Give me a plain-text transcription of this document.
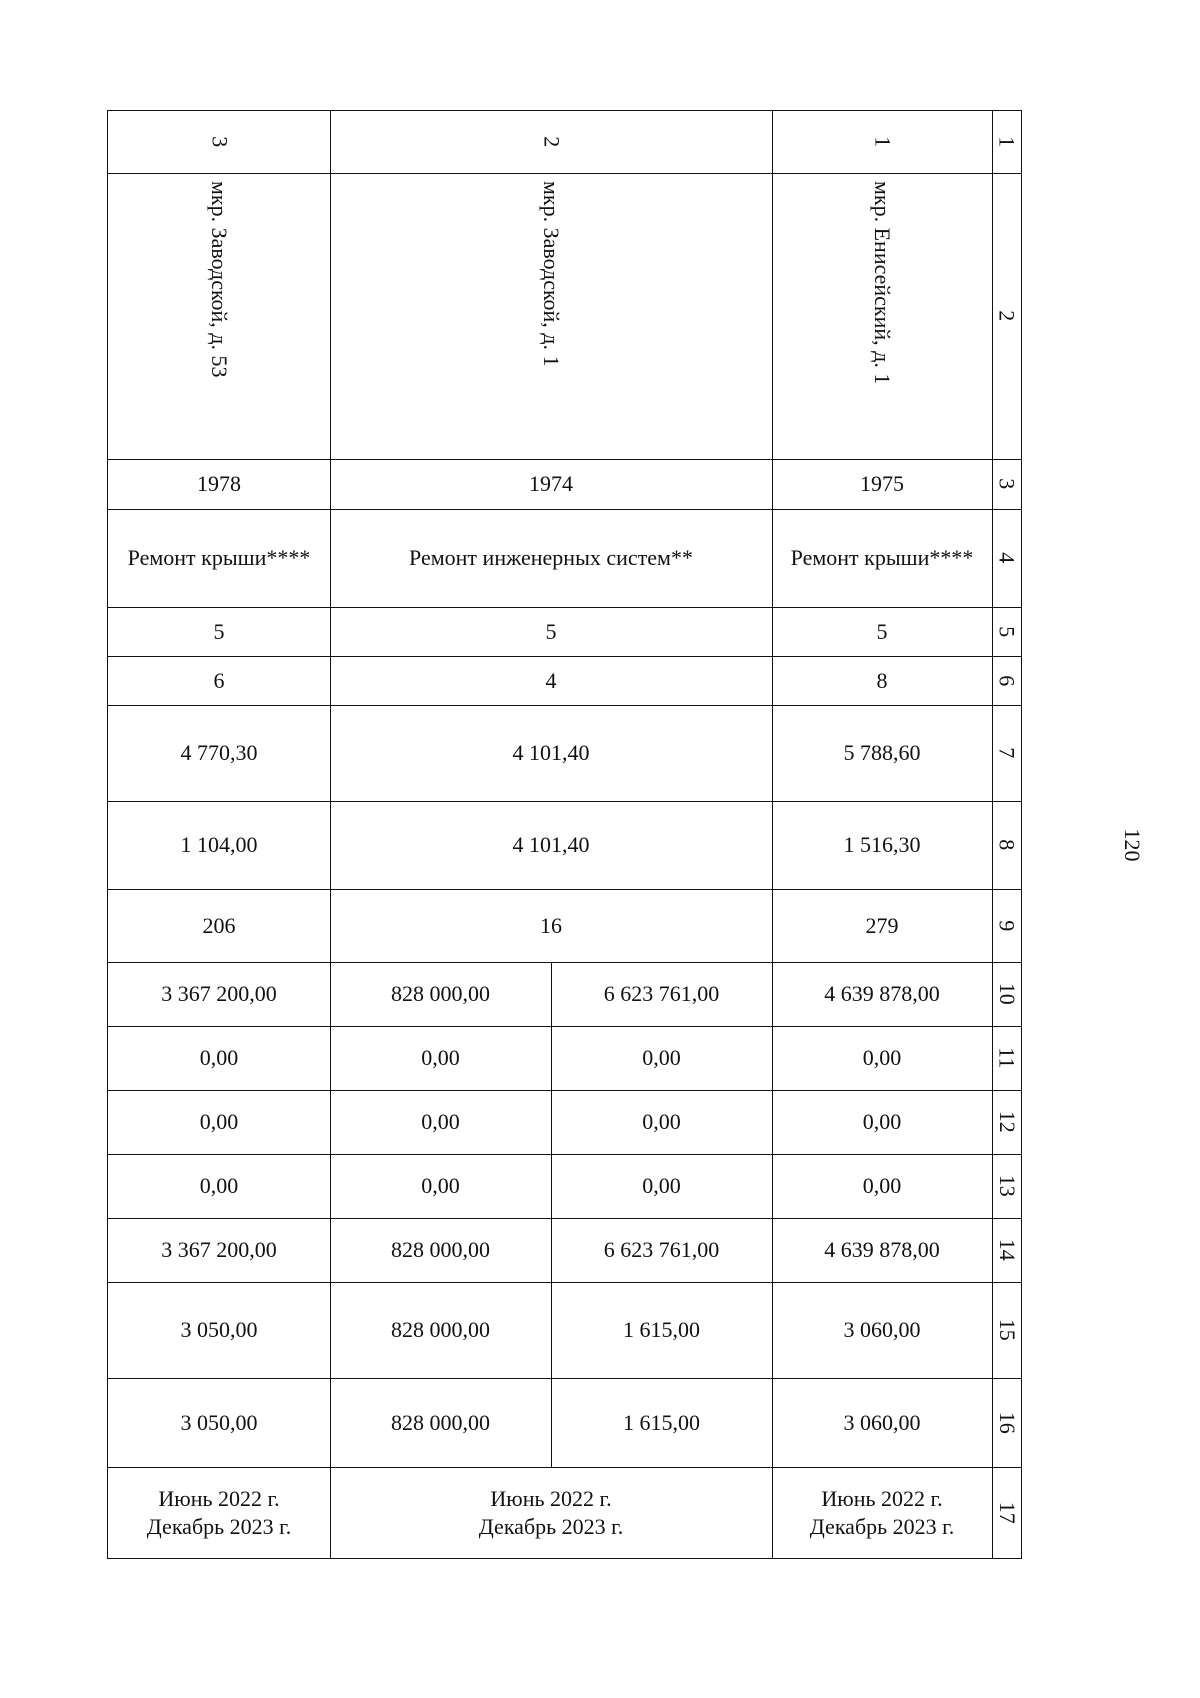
120
1
2
3
4
5
6
7
8
9
10
11
12
13
14
15
16
17
1
мкр. Енисейский, д. 1
1975
Ремонт крыши****
5
8
5 788,60
1 516,30
279
4 639 878,00
0,00
0,00
0,00
4 639 878,00
3 060,00
3 060,00
Июнь 2022 г.
Декабрь 2023 г.
2
мкр. Заводской, д. 1
1974
Ремонт инженерных систем**
5
4
4 101,40
4 101,40
16
6 623 761,00
0,00
0,00
0,00
6 623 761,00
1 615,00
1 615,00
828 000,00
0,00
0,00
0,00
828 000,00
828 000,00
828 000,00
Июнь 2022 г.
Декабрь 2023 г.
3
мкр. Заводской, д. 53
1978
Ремонт крыши****
5
6
4 770,30
1 104,00
206
3 367 200,00
0,00
0,00
0,00
3 367 200,00
3 050,00
3 050,00
Июнь 2022 г.
Декабрь 2023 г.
